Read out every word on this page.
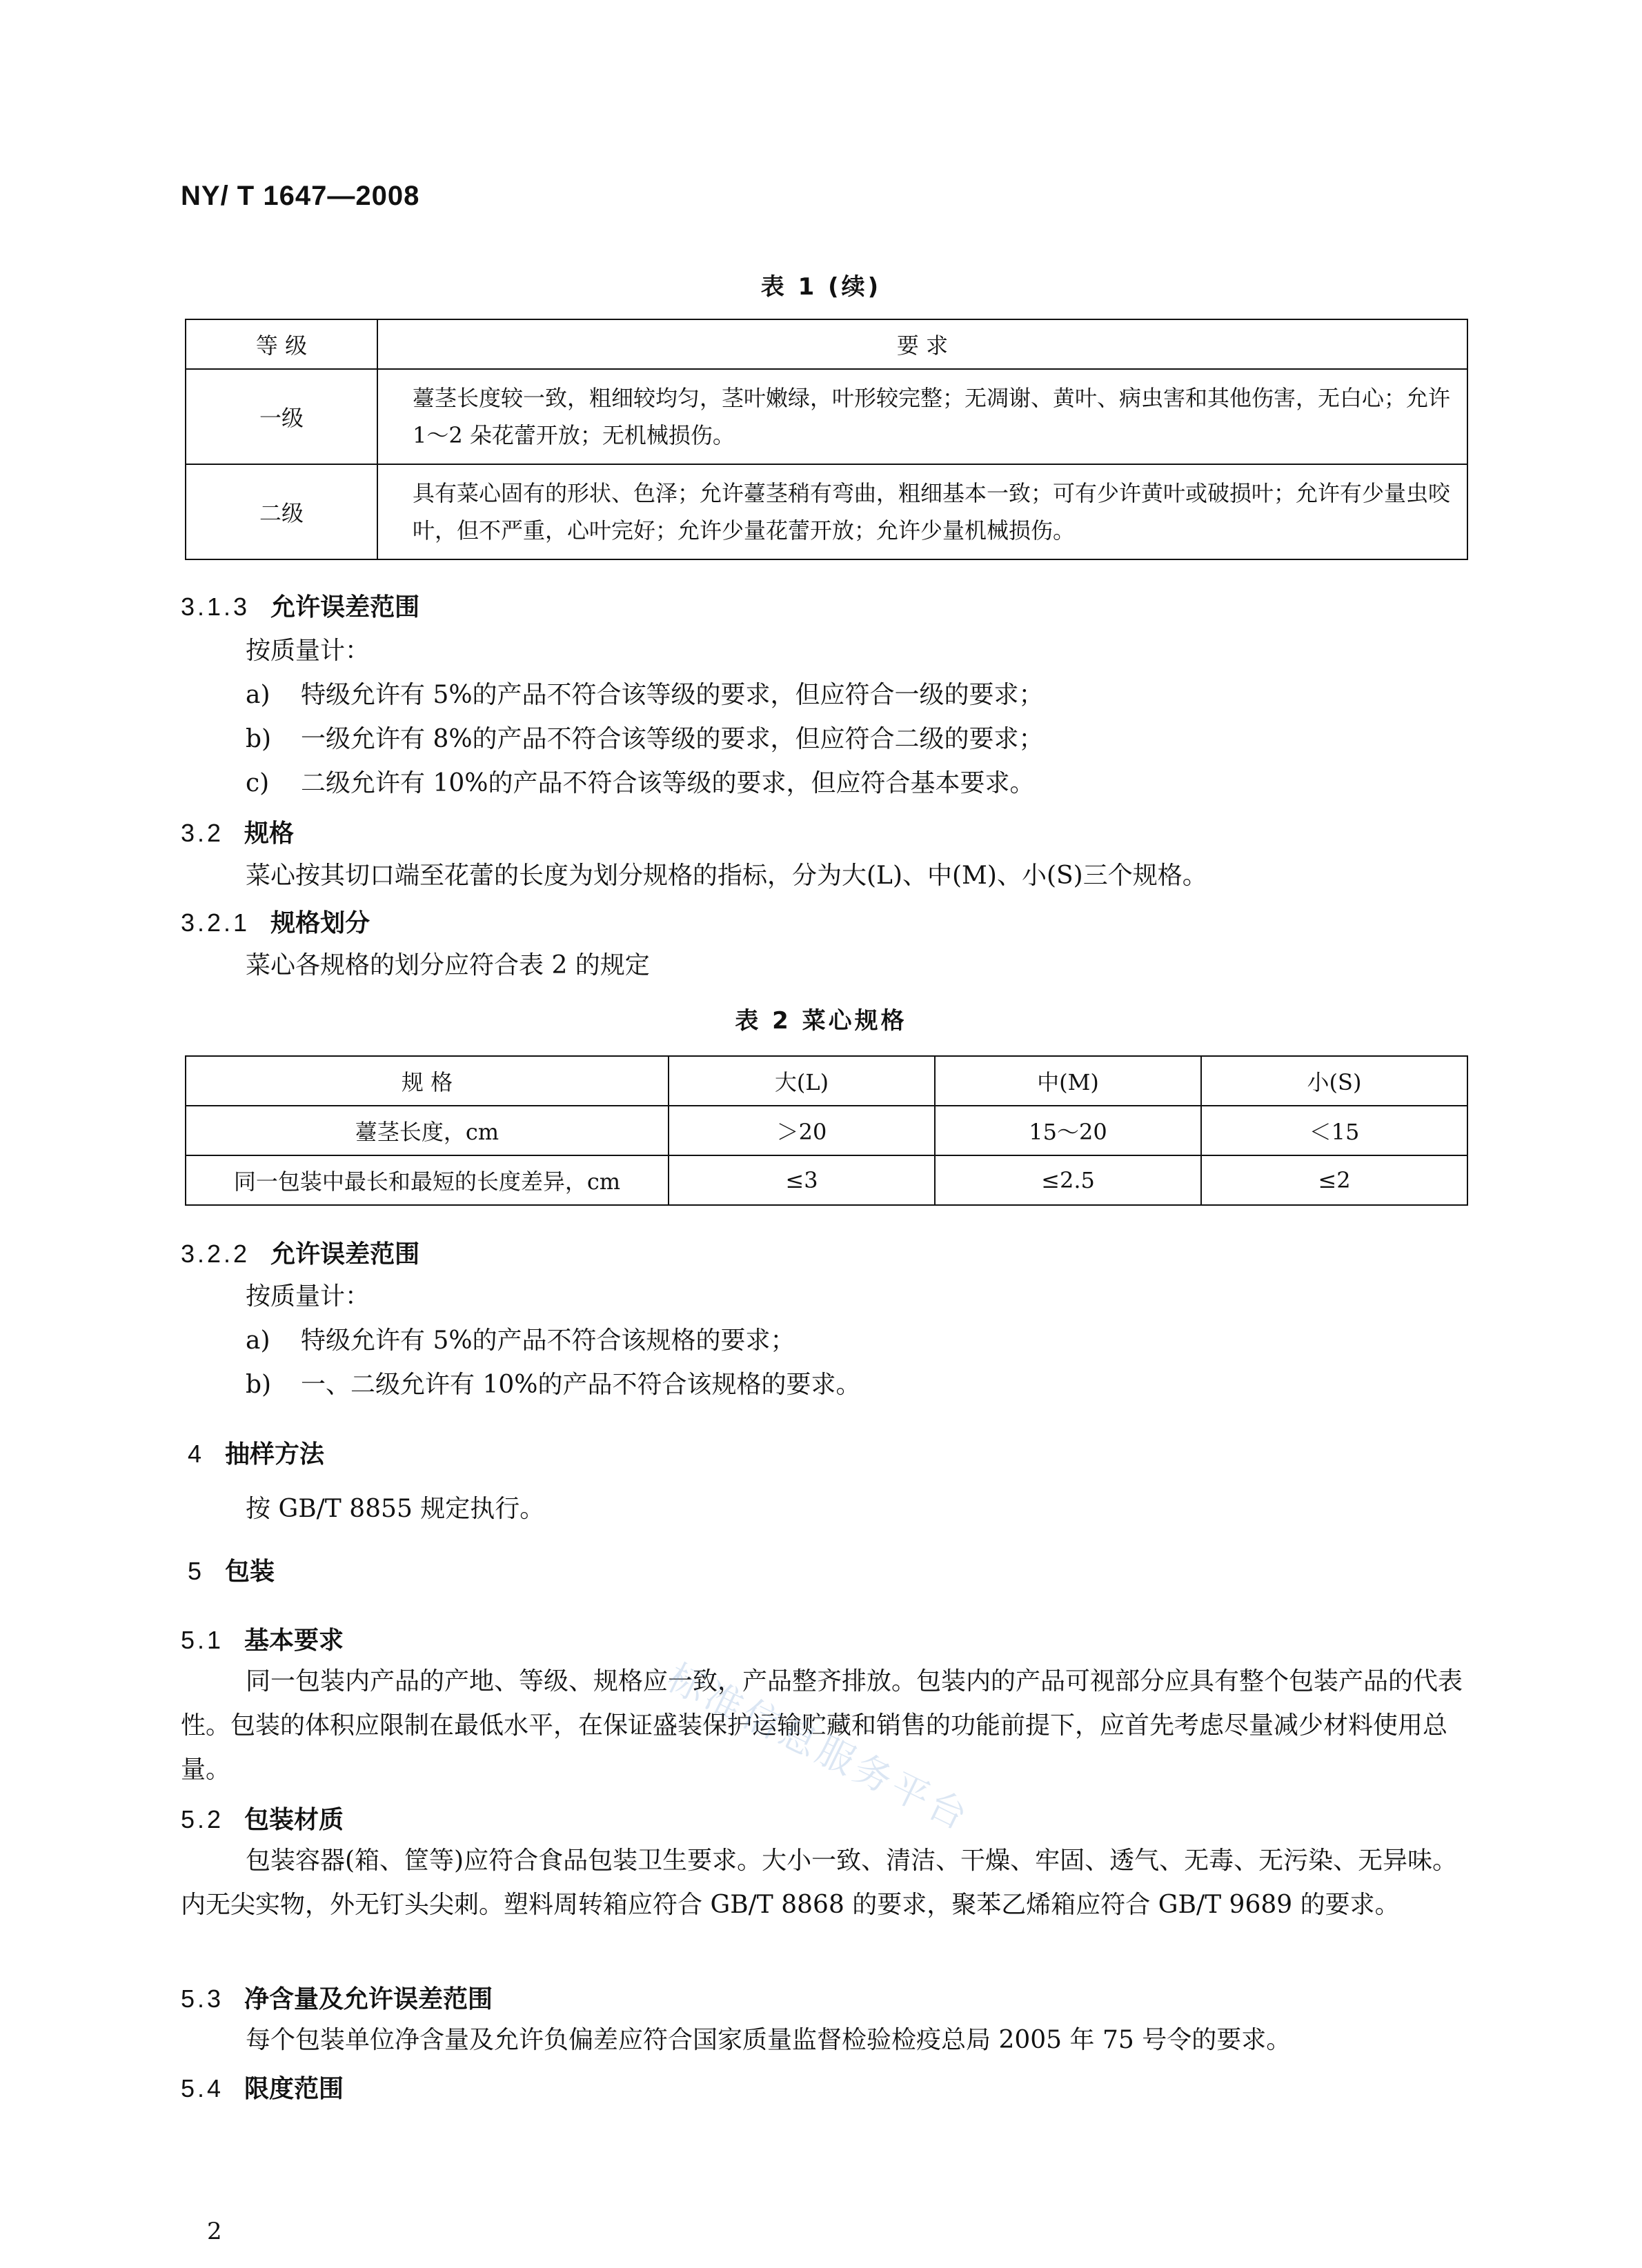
NY/ T 1647—2008
表 1 (续)
等 级	要 求
一级	薹茎长度较一致，粗细较均匀，茎叶嫩绿，叶形较完整；无凋谢、黄叶、病虫害和其他伤害，无白心；允许1～2 朵花蕾开放；无机械损伤。
二级	具有菜心固有的形状、色泽；允许薹茎稍有弯曲，粗细基本一致；可有少许黄叶或破损叶；允许有少量虫咬叶，但不严重，心叶完好；允许少量花蕾开放；允许少量机械损伤。
3.1.3 允许误差范围
按质量计：
a) 特级允许有 5%的产品不符合该等级的要求，但应符合一级的要求；
b) 一级允许有 8%的产品不符合该等级的要求，但应符合二级的要求；
c) 二级允许有 10%的产品不符合该等级的要求，但应符合基本要求。
3.2 规格
菜心按其切口端至花蕾的长度为划分规格的指标，分为大(L)、中(M)、小(S)三个规格。
3.2.1 规格划分
菜心各规格的划分应符合表 2 的规定
表 2 菜心规格
规 格	大(L)	中(M)	小(S)
薹茎长度，cm	＞20	15～20	＜15
同一包装中最长和最短的长度差异，cm	≤3	≤2.5	≤2
3.2.2 允许误差范围
按质量计：
a) 特级允许有 5%的产品不符合该规格的要求；
b) 一、二级允许有 10%的产品不符合该规格的要求。
4 抽样方法
按 GB/T 8855 规定执行。
5 包装
5.1 基本要求
同一包装内产品的产地、等级、规格应一致，产品整齐排放。包装内的产品可视部分应具有整个包装产品的代表性。包装的体积应限制在最低水平，在保证盛装保护运输贮藏和销售的功能前提下，应首先考虑尽量减少材料使用总量。
5.2 包装材质
包装容器(箱、筐等)应符合食品包装卫生要求。大小一致、清洁、干燥、牢固、透气、无毒、无污染、无异味。内无尖实物，外无钉头尖刺。塑料周转箱应符合 GB/T 8868 的要求，聚苯乙烯箱应符合 GB/T 9689 的要求。
5.3 净含量及允许误差范围
每个包装单位净含量及允许负偏差应符合国家质量监督检验检疫总局 2005 年 75 号令的要求。
5.4 限度范围
2
标准信息服务平台
